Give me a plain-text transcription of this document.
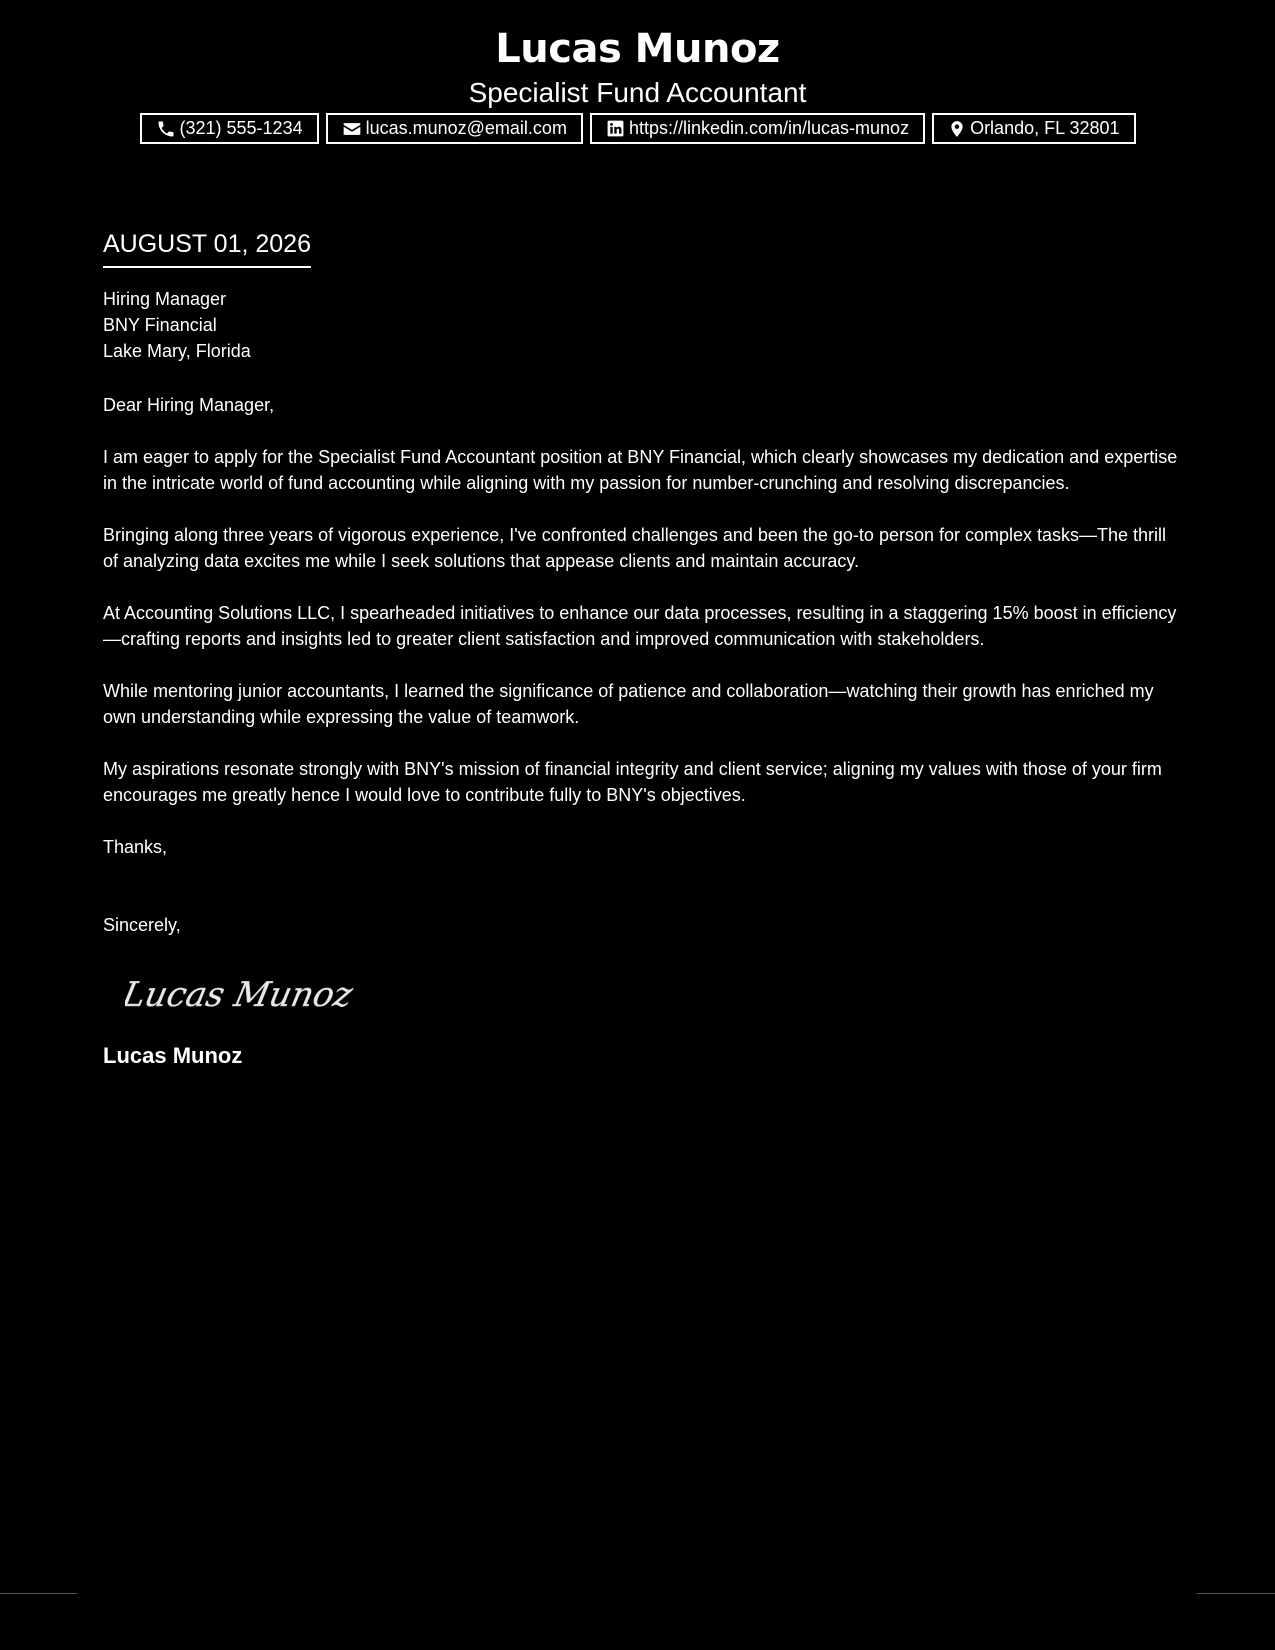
Lucas Munoz
Specialist Fund Accountant
(321) 555-1234	lucas.munoz@email.com	https://linkedin.com/in/lucas-munoz	Orlando, FL 32801
AUGUST 01, 2026
Hiring Manager
BNY Financial
Lake Mary, Florida
Dear Hiring Manager,
I am eager to apply for the Specialist Fund Accountant position at BNY Financial, which clearly showcases my dedication and expertise in the intricate world of fund accounting while aligning with my passion for number-crunching and resolving discrepancies.
Bringing along three years of vigorous experience, I've confronted challenges and been the go-to person for complex tasks—The thrill of analyzing data excites me while I seek solutions that appease clients and maintain accuracy.
At Accounting Solutions LLC, I spearheaded initiatives to enhance our data processes, resulting in a staggering 15% boost in efficiency—crafting reports and insights led to greater client satisfaction and improved communication with stakeholders.
While mentoring junior accountants, I learned the significance of patience and collaboration—watching their growth has enriched my own understanding while expressing the value of teamwork.
My aspirations resonate strongly with BNY's mission of financial integrity and client service; aligning my values with those of your firm encourages me greatly hence I would love to contribute fully to BNY's objectives.
Thanks,
Sincerely,
Lucas Munoz
Lucas Munoz
